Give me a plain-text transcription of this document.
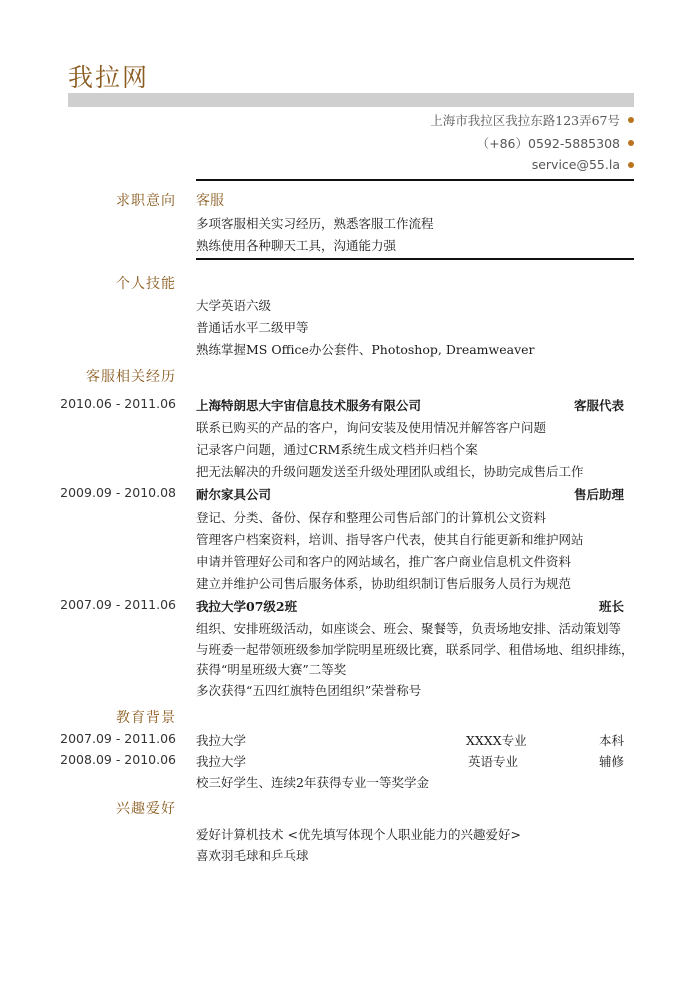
我拉网
上海市我拉区我拉东路123弄67号
（+86）0592-5885308
service@55.la
求职意向 客服
多项客服相关实习经历，熟悉客服工作流程
熟练使用各种聊天工具，沟通能力强
个人技能
大学英语六级
普通话水平二级甲等
熟练掌握MS Office办公套件、Photoshop, Dreamweaver
客服相关经历
2010.06 - 2011.06 上海特朗思大宇宙信息技术服务有限公司	客服代表
联系已购买的产品的客户，询问安装及使用情况并解答客户问题
记录客户问题，通过CRM系统生成文档并归档个案
把无法解决的升级问题发送至升级处理团队或组长，协助完成售后工作
2009.09 - 2010.08 耐尔家具公司	售后助理
登记、分类、备份、保存和整理公司售后部门的计算机公文资料
管理客户档案资料，培训、指导客户代表，使其自行能更新和维护网站
申请并管理好公司和客户的网站域名，推广客户商业信息机文件资料
建立并维护公司售后服务体系，协助组织制订售后服务人员行为规范
2007.09 - 2011.06 我拉大学07级2班	班长
组织、安排班级活动，如座谈会、班会、聚餐等，负责场地安排、活动策划等
与班委一起带领班级参加学院明星班级比赛，联系同学、租借场地、组织排练，
获得“明星班级大赛”二等奖
多次获得“五四红旗特色团组织”荣誉称号
教育背景
2007.09 - 2011.06 我拉大学	XXXX专业	本科
2008.09 - 2010.06 我拉大学	英语专业	辅修
校三好学生、连续2年获得专业一等奖学金
兴趣爱好
爱好计算机技术 <优先填写体现个人职业能力的兴趣爱好>
喜欢羽毛球和乒乓球
